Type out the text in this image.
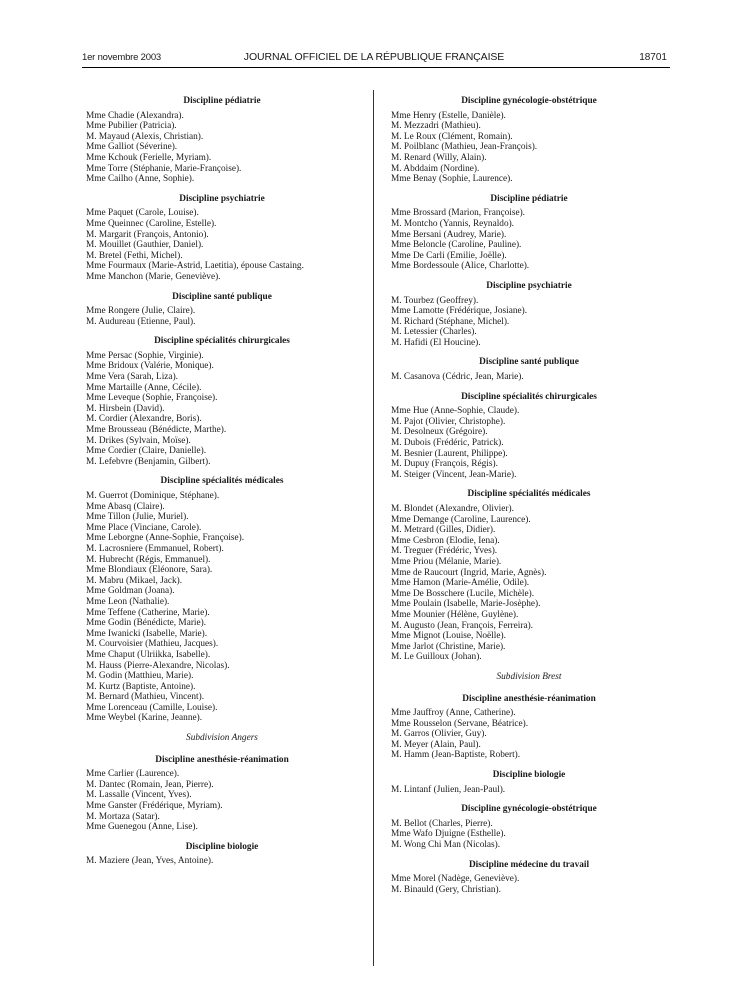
1er novembre 2003	JOURNAL OFFICIEL DE LA RÉPUBLIQUE FRANÇAISE	18701
Discipline pédiatrie
Mme Chadie (Alexandra).
Mme Pubilier (Patricia).
M. Mayaud (Alexis, Christian).
Mme Galliot (Séverine).
Mme Kchouk (Ferielle, Myriam).
Mme Torre (Stéphanie, Marie-Françoise).
Mme Cailho (Anne, Sophie).
Discipline psychiatrie
Mme Paquet (Carole, Louise).
Mme Queinnec (Caroline, Estelle).
M. Margarit (François, Antonio).
M. Mouillet (Gauthier, Daniel).
M. Bretel (Fethi, Michel).
Mme Fourmaux (Marie-Astrid, Laetitia), épouse Castaing.
Mme Manchon (Marie, Geneviève).
Discipline santé publique
Mme Rongere (Julie, Claire).
M. Audureau (Etienne, Paul).
Discipline spécialités chirurgicales
Mme Persac (Sophie, Virginie).
Mme Bridoux (Valérie, Monique).
Mme Vera (Sarah, Liza).
Mme Martaille (Anne, Cécile).
Mme Leveque (Sophie, Françoise).
M. Hirsbein (David).
M. Cordier (Alexandre, Boris).
Mme Brousseau (Bénédicte, Marthe).
M. Drikes (Sylvain, Moïse).
Mme Cordier (Claire, Danielle).
M. Lefebvre (Benjamin, Gilbert).
Discipline spécialités médicales
M. Guerrot (Dominique, Stéphane).
Mme Abasq (Claire).
Mme Tillon (Julie, Muriel).
Mme Place (Vinciane, Carole).
Mme Leborgne (Anne-Sophie, Françoise).
M. Lacrosniere (Emmanuel, Robert).
M. Hubrecht (Régis, Emmanuel).
Mme Blondiaux (Eléonore, Sara).
M. Mabru (Mikael, Jack).
Mme Goldman (Joana).
Mme Leon (Nathalie).
Mme Teffene (Catherine, Marie).
Mme Godin (Bénédicte, Marie).
Mme Iwanicki (Isabelle, Marie).
M. Courvoisier (Mathieu, Jacques).
Mme Chaput (Ulriikka, Isabelle).
M. Hauss (Pierre-Alexandre, Nicolas).
M. Godin (Matthieu, Marie).
M. Kurtz (Baptiste, Antoine).
M. Bernard (Mathieu, Vincent).
Mme Lorenceau (Camille, Louise).
Mme Weybel (Karine, Jeanne).
Subdivision Angers
Discipline anesthésie-réanimation
Mme Carlier (Laurence).
M. Dantec (Romain, Jean, Pierre).
M. Lassalle (Vincent, Yves).
Mme Ganster (Frédérique, Myriam).
M. Mortaza (Satar).
Mme Guenegou (Anne, Lise).
Discipline biologie
M. Maziere (Jean, Yves, Antoine).
Discipline gynécologie-obstétrique
Mme Henry (Estelle, Danièle).
M. Mezzadri (Mathieu).
M. Le Roux (Clément, Romain).
M. Poilblanc (Mathieu, Jean-François).
M. Renard (Willy, Alain).
M. Abddaim (Nordine).
Mme Benay (Sophie, Laurence).
Discipline pédiatrie
Mme Brossard (Marion, Françoise).
M. Montcho (Yannis, Reynaldo).
Mme Bersani (Audrey, Marie).
Mme Beloncle (Caroline, Pauline).
Mme De Carli (Emilie, Joëlle).
Mme Bordessoule (Alice, Charlotte).
Discipline psychiatrie
M. Tourbez (Geoffrey).
Mme Lamotte (Frédérique, Josiane).
M. Richard (Stéphane, Michel).
M. Letessier (Charles).
M. Hafidi (El Houcine).
Discipline santé publique
M. Casanova (Cédric, Jean, Marie).
Discipline spécialités chirurgicales
Mme Hue (Anne-Sophie, Claude).
M. Pajot (Olivier, Christophe).
M. Desolneux (Grégoire).
M. Dubois (Frédéric, Patrick).
M. Besnier (Laurent, Philippe).
M. Dupuy (François, Régis).
M. Steiger (Vincent, Jean-Marie).
Discipline spécialités médicales
M. Blondet (Alexandre, Olivier).
Mme Demange (Caroline, Laurence).
M. Metrard (Gilles, Didier).
Mme Cesbron (Elodie, Iena).
M. Treguer (Frédéric, Yves).
Mme Priou (Mélanie, Marie).
Mme de Raucourt (Ingrid, Marie, Agnès).
Mme Hamon (Marie-Amélie, Odile).
Mme De Bosschere (Lucile, Michèle).
Mme Poulain (Isabelle, Marie-Josèphe).
Mme Mounier (Hélène, Guylène).
M. Augusto (Jean, François, Ferreira).
Mme Mignot (Louise, Noëlle).
Mme Jarlot (Christine, Marie).
M. Le Guilloux (Johan).
Subdivision Brest
Discipline anesthésie-réanimation
Mme Jauffroy (Anne, Catherine).
Mme Rousselon (Servane, Béatrice).
M. Garros (Olivier, Guy).
M. Meyer (Alain, Paul).
M. Hamm (Jean-Baptiste, Robert).
Discipline biologie
M. Lintanf (Julien, Jean-Paul).
Discipline gynécologie-obstétrique
M. Bellot (Charles, Pierre).
Mme Wafo Djuigne (Esthelle).
M. Wong Chi Man (Nicolas).
Discipline médecine du travail
Mme Morel (Nadège, Geneviève).
M. Binauld (Gery, Christian).
